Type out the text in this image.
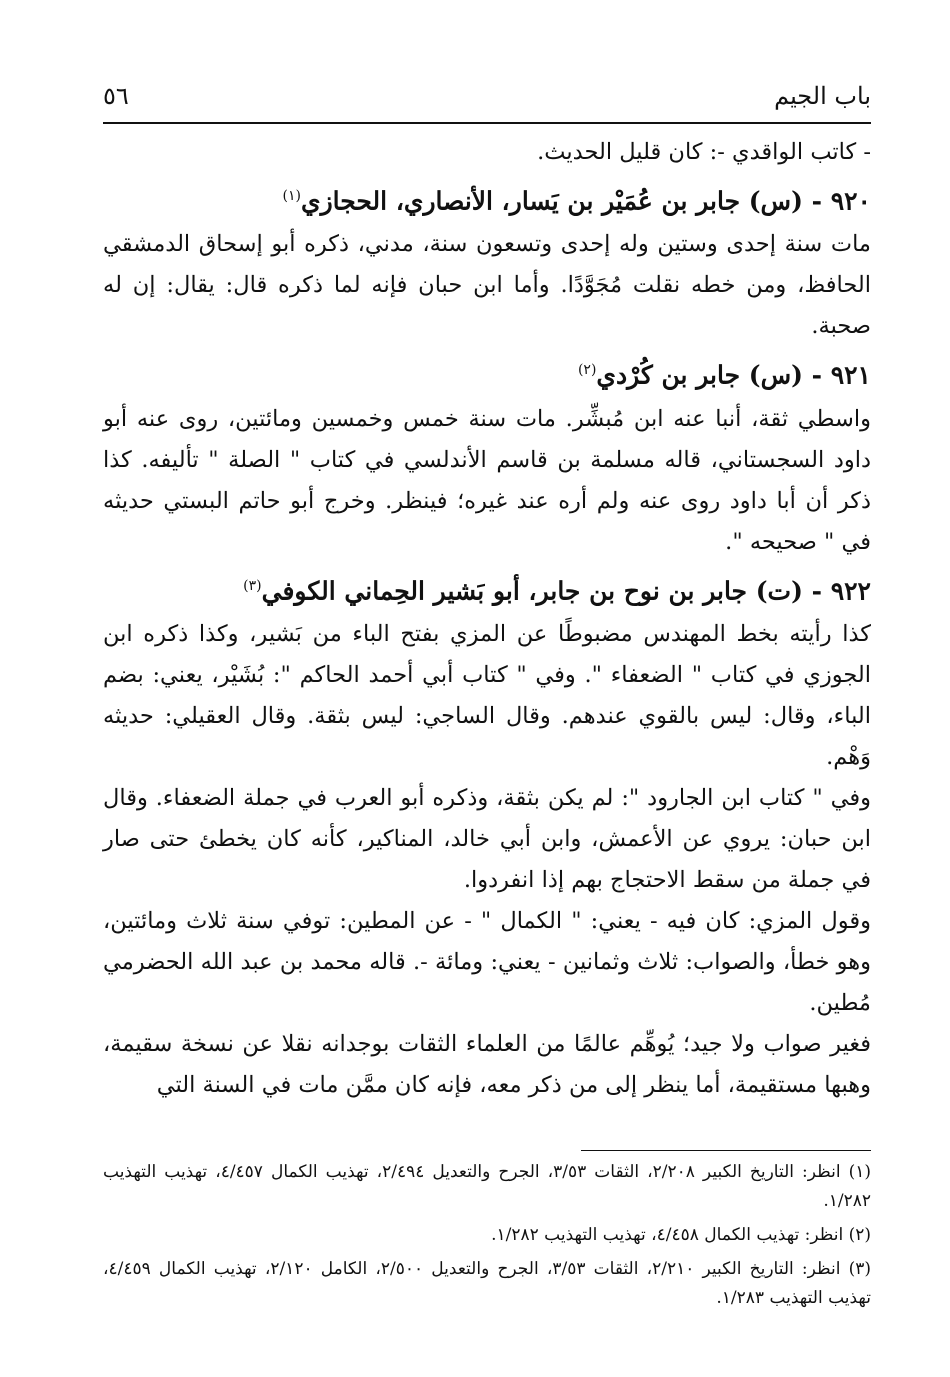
باب الجيم
٥٦

- كاتب الواقدي -: كان قليل الحديث.

٩٢٠ - (س) جابر بن عُمَيْر بن يَسار، الأنصاري، الحجازي$^{(١)}$

مات سنة إحدى وستين وله إحدى وتسعون سنة، مدني، ذكره أبو إسحاق الدمشقي الحافظ، ومن خطه نقلت مُجَوَّدًا. وأما ابن حبان فإنه لما ذكره قال: يقال: إن له صحبة.

٩٢١ - (س) جابر بن كُرْدي$^{(٢)}$

واسطي ثقة، أنبا عنه ابن مُبشِّر. مات سنة خمس وخمسين ومائتين، روى عنه أبو داود السجستاني، قاله مسلمة بن قاسم الأندلسي في كتاب " الصلة " تأليفه. كذا ذكر أن أبا داود روى عنه ولم أره عند غيره؛ فينظر. وخرج أبو حاتم البستي حديثه في " صحيحه ".

٩٢٢ - (ت) جابر بن نوح بن جابر، أبو بَشير الحِماني الكوفي$^{(٣)}$

كذا رأيته بخط المهندس مضبوطًا عن المزي بفتح الباء من بَشير، وكذا ذكره ابن الجوزي في كتاب " الضعفاء ". وفي " كتاب أبي أحمد الحاكم ": بُشَيْر، يعني: بضم الباء، وقال: ليس بالقوي عندهم. وقال الساجي: ليس بثقة. وقال العقيلي: حديثه وَهْم.

وفي " كتاب ابن الجارود ": لم يكن بثقة، وذكره أبو العرب في جملة الضعفاء. وقال ابن حبان: يروي عن الأعمش، وابن أبي خالد، المناكير، كأنه كان يخطئ حتى صار في جملة من سقط الاحتجاج بهم إذا انفردوا.

وقول المزي: كان فيه - يعني: " الكمال " - عن المطين: توفي سنة ثلاث ومائتين، وهو خطأ، والصواب: ثلاث وثمانين - يعني: ومائة -. قاله محمد بن عبد الله الحضرمي مُطين.

فغير صواب ولا جيد؛ يُوهِّم عالمًا من العلماء الثقات بوجدانه نقلا عن نسخة سقيمة، وهبها مستقيمة، أما ينظر إلى من ذكر معه، فإنه كان ممَّن مات في السنة التي

(١) انظر: التاريخ الكبير ٢/٢٠٨، الثقات ٣/٥٣، الجرح والتعديل ٢/٤٩٤، تهذيب الكمال ٤/٤٥٧، تهذيب التهذيب ١/٢٨٢.

(٢) انظر: تهذيب الكمال ٤/٤٥٨، تهذيب التهذيب ١/٢٨٢.

(٣) انظر: التاريخ الكبير ٢/٢١٠، الثقات ٣/٥٣، الجرح والتعديل ٢/٥٠٠، الكامل ٢/١٢٠، تهذيب الكمال ٤/٤٥٩، تهذيب التهذيب ١/٢٨٣.
